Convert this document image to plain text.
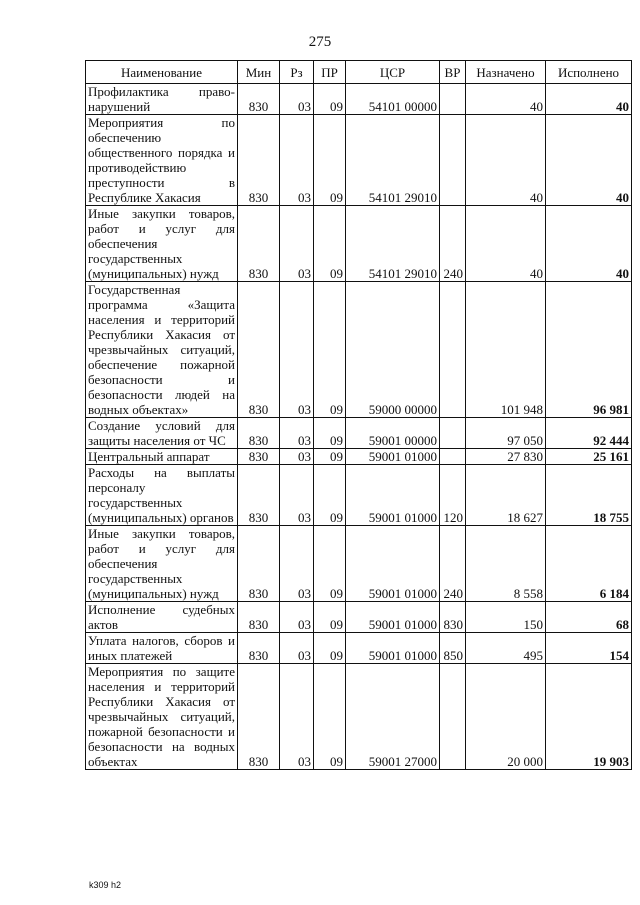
275
Наименование	Мин	Рз	ПР	ЦСР	ВР	Назначено	Исполнено
Профилактика право-нарушений	830	03	09	54101 00000		40	40
Мероприятия по обеспечению общественного порядка и противодействию преступности в Республике Хакасия	830	03	09	54101 29010		40	40
Иные закупки товаров, работ и услуг для обеспечения государственных (муниципальных) нужд	830	03	09	54101 29010	240	40	40
Государственная программа «Защита населения и территорий Республики Хакасия от чрезвычайных ситуаций, обеспечение пожарной безопасности и безопасности людей на водных объектах»	830	03	09	59000 00000		101 948	96 981
Создание условий для защиты населения от ЧС	830	03	09	59001 00000		97 050	92 444
Центральный аппарат	830	03	09	59001 01000		27 830	25 161
Расходы на выплаты персоналу государственных (муниципальных) органов	830	03	09	59001 01000	120	18 627	18 755
Иные закупки товаров, работ и услуг для обеспечения государственных (муниципальных) нужд	830	03	09	59001 01000	240	8 558	6 184
Исполнение судебных актов	830	03	09	59001 01000	830	150	68
Уплата налогов, сборов и иных платежей	830	03	09	59001 01000	850	495	154
Мероприятия по защите населения и территорий Республики Хакасия от чрезвычайных ситуаций, пожарной безопасности и безопасности на водных объектах	830	03	09	59001 27000		20 000	19 903
k309 h2
